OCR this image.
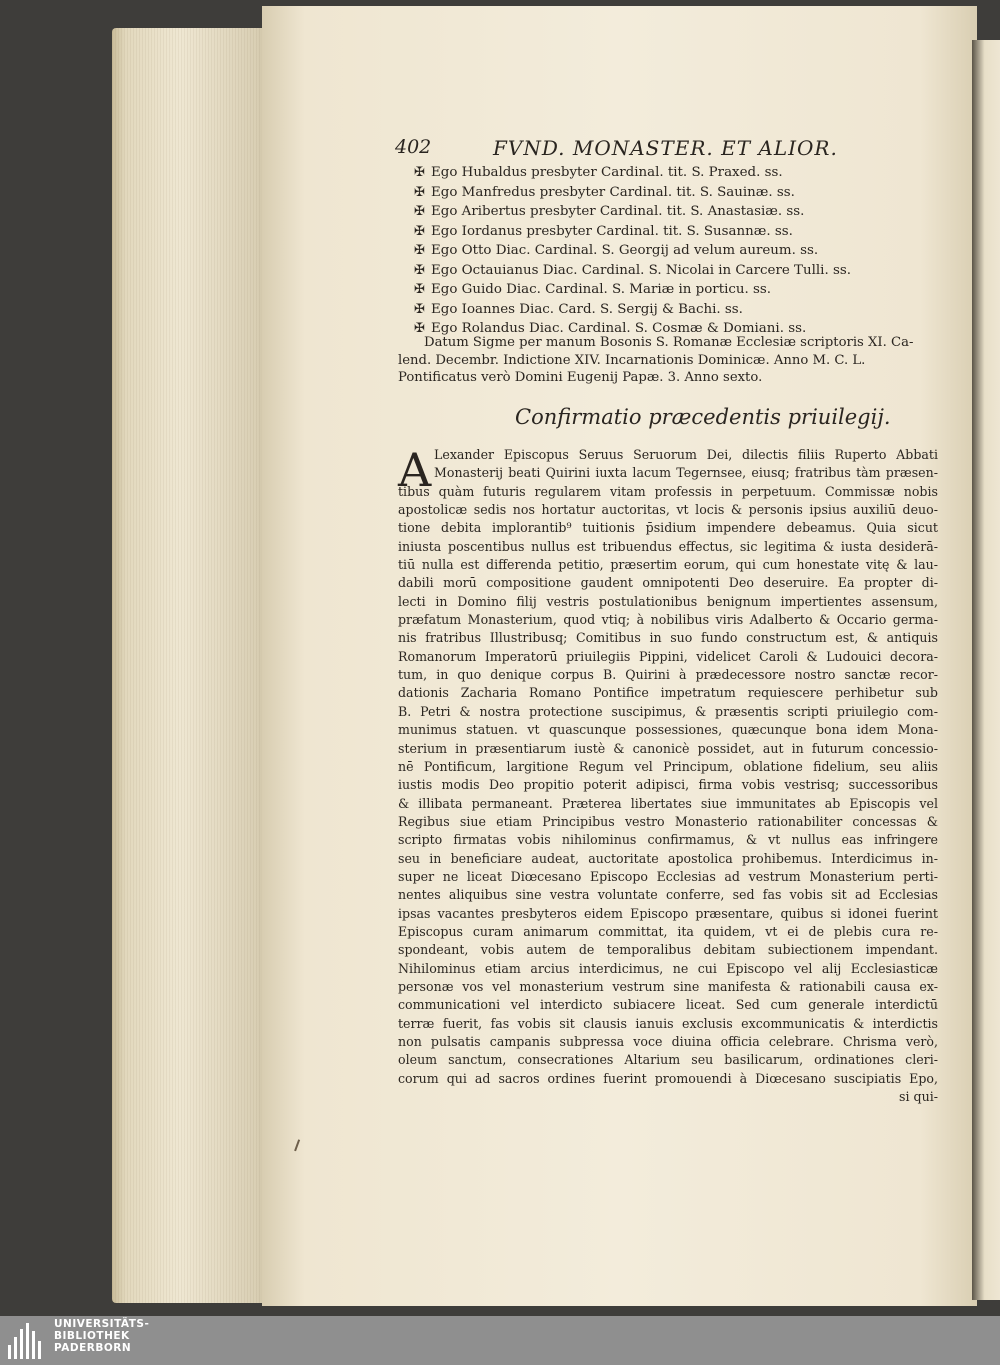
402	FVND. MONASTER. ET ALIOR.
✠ Ego Hubaldus presbyter Cardinal. tit. S. Praxed. ss.
✠ Ego Manfredus presbyter Cardinal. tit. S. Sauinæ. ss.
✠ Ego Aribertus presbyter Cardinal. tit. S. Anastasiæ. ss.
✠ Ego Iordanus presbyter Cardinal. tit. S. Susannæ. ss.
✠ Ego Otto Diac. Cardinal. S. Georgij ad velum aureum. ss.
✠ Ego Octauianus Diac. Cardinal. S. Nicolai in Carcere Tulli. ss.
✠ Ego Guido Diac. Cardinal. S. Mariæ in porticu. ss.
✠ Ego Ioannes Diac. Card. S. Sergij & Bachi. ss.
✠ Ego Rolandus Diac. Cardinal. S. Cosmæ & Domiani. ss.
Datum Sigme per manum Bosonis S. Romanæ Ecclesiæ scriptoris XI. Ca-
lend. Decembr. Indictione XIV. Incarnationis Dominicæ. Anno M. C. L.
Pontificatus verò Domini Eugenij Papæ. 3. Anno sexto.
Confirmatio præcedentis priuilegij.
A Lexander Episcopus Seruus Seruorum Dei, dilectis filiis Ruperto Abbati
Monasterij beati Quirini iuxta lacum Tegernsee, eiusq; fratribus tàm præsen-
tibus quàm futuris regularem vitam professis in perpetuum. Commissæ nobis
apostolicæ sedis nos hortatur auctoritas, vt locis & personis ipsius auxiliū deuo-
tione debita implorantib⁹ tuitionis p̄sidium impendere debeamus. Quia sicut
iniusta poscentibus nullus est tribuendus effectus, sic legitima & iusta desiderā-
tiū nulla est differenda petitio, præsertim eorum, qui cum honestate vitę & lau-
dabili morū compositione gaudent omnipotenti Deo deseruire. Ea propter di-
lecti in Domino filij vestris postulationibus benignum impertientes assensum,
præfatum Monasterium, quod vtiq; à nobilibus viris Adalberto & Occario germa-
nis fratribus Illustribusq; Comitibus in suo fundo constructum est, & antiquis
Romanorum Imperatorū priuilegiis Pippini, videlicet Caroli & Ludouici decora-
tum, in quo denique corpus B. Quirini à prædecessore nostro sanctæ recor-
dationis Zacharia Romano Pontifice impetratum requiescere perhibetur sub
B. Petri & nostra protectione suscipimus, & præsentis scripti priuilegio com-
munimus statuen. vt quascunque possessiones, quæcunque bona idem Mona-
sterium in præsentiarum iustè & canonicè possidet, aut in futurum concessio-
nē Pontificum, largitione Regum vel Principum, oblatione fidelium, seu aliis
iustis modis Deo propitio poterit adipisci, firma vobis vestrisq; successoribus
& illibata permaneant. Præterea libertates siue immunitates ab Episcopis vel
Regibus siue etiam Principibus vestro Monasterio rationabiliter concessas &
scripto firmatas vobis nihilominus confirmamus, & vt nullus eas infringere
seu in beneficiare audeat, auctoritate apostolica prohibemus. Interdicimus in-
super ne liceat Diœcesano Episcopo Ecclesias ad vestrum Monasterium perti-
nentes aliquibus sine vestra voluntate conferre, sed fas vobis sit ad Ecclesias
ipsas vacantes presbyteros eidem Episcopo præsentare, quibus si idonei fuerint
Episcopus curam animarum committat, ita quidem, vt ei de plebis cura re-
spondeant, vobis autem de temporalibus debitam subiectionem impendant.
Nihilominus etiam arcius interdicimus, ne cui Episcopo vel alij Ecclesiasticæ
personæ vos vel monasterium vestrum sine manifesta & rationabili causa ex-
communicationi vel interdicto subiacere liceat. Sed cum generale interdictū
terræ fuerit, fas vobis sit clausis ianuis exclusis excommunicatis & interdictis
non pulsatis campanis subpressa voce diuina officia celebrare. Chrisma verò,
oleum sanctum, consecrationes Altarium seu basilicarum, ordinationes cleri-
corum qui ad sacros ordines fuerint promouendi à Diœcesano suscipiatis Epo,
si qui-
UNIVERSITÄTS-
BIBLIOTHEK
PADERBORN
